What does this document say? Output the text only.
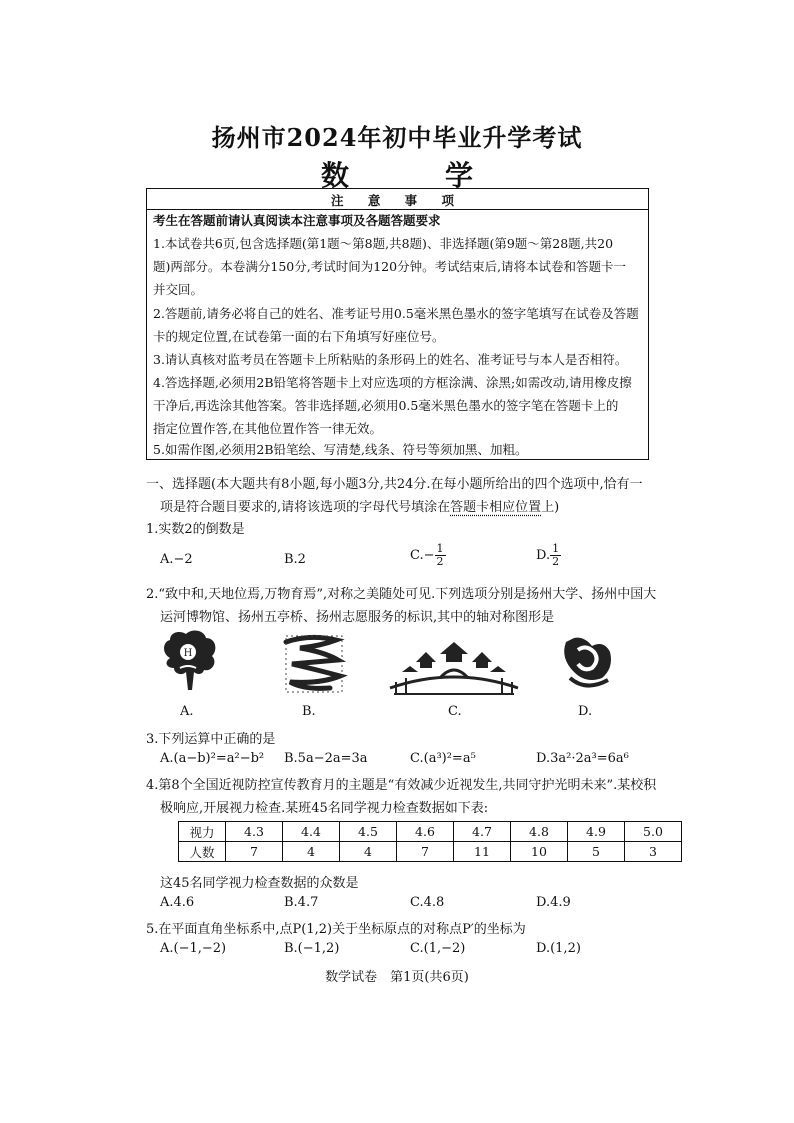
扬州市2024年初中毕业升学考试
数　学
注 意 事 项
考生在答题前请认真阅读本注意事项及各题答题要求
1.本试卷共6页,包含选择题(第1题～第8题,共8题)、非选择题(第9题～第28题,共20
题)两部分。本卷满分150分,考试时间为120分钟。考试结束后,请将本试卷和答题卡一
并交回。
2.答题前,请务必将自己的姓名、准考证号用0.5毫米黑色墨水的签字笔填写在试卷及答题
卡的规定位置,在试卷第一面的右下角填写好座位号。
3.请认真核对监考员在答题卡上所粘贴的条形码上的姓名、准考证号与本人是否相符。
4.答选择题,必须用2B铅笔将答题卡上对应选项的方框涂满、涂黑;如需改动,请用橡皮擦
干净后,再选涂其他答案。答非选择题,必须用0.5毫米黑色墨水的签字笔在答题卡上的
指定位置作答,在其他位置作答一律无效。
5.如需作图,必须用2B铅笔绘、写清楚,线条、符号等须加黑、加粗。
一、选择题(本大题共有8小题,每小题3分,共24分.在每小题所给出的四个选项中,恰有一
项是符合题目要求的,请将该选项的字母代号填涂在答题卡相应位置上)
1.实数2的倒数是
A.−2	B.2	$C.- \frac{1}{2}$	D. $\frac{1}{2}$
2.“致中和,天地位焉,万物育焉”,对称之美随处可见.下列选项分别是扬州大学、扬州中国大
运河博物馆、扬州五亭桥、扬州志愿服务的标识,其中的轴对称图形是
H
A.	B.	C.	D.
3.下列运算中正确的是
A.(a−b)²=a²−b² B.5a−2a=3a	C.(a³)²=a⁵	D.3a²·2a³=6a⁶
4.第8个全国近视防控宣传教育月的主题是“有效减少近视发生,共同守护光明未来”.某校积
极响应,开展视力检查.某班45名同学视力检查数据如下表:
视力	4.3	4.4	4.5	4.6	4.7	4.8	4.9	5.0
人数	7	4	4	7	11	10	5	3
这45名同学视力检查数据的众数是
A.4.6	B.4.7	C.4.8	D.4.9
5.在平面直角坐标系中,点P(1,2)关于坐标原点的对称点P′的坐标为
A.(−1,−2)	B.(−1,2)	C.(1,−2)	D.(1,2)
数学试卷　第1页(共6页)
